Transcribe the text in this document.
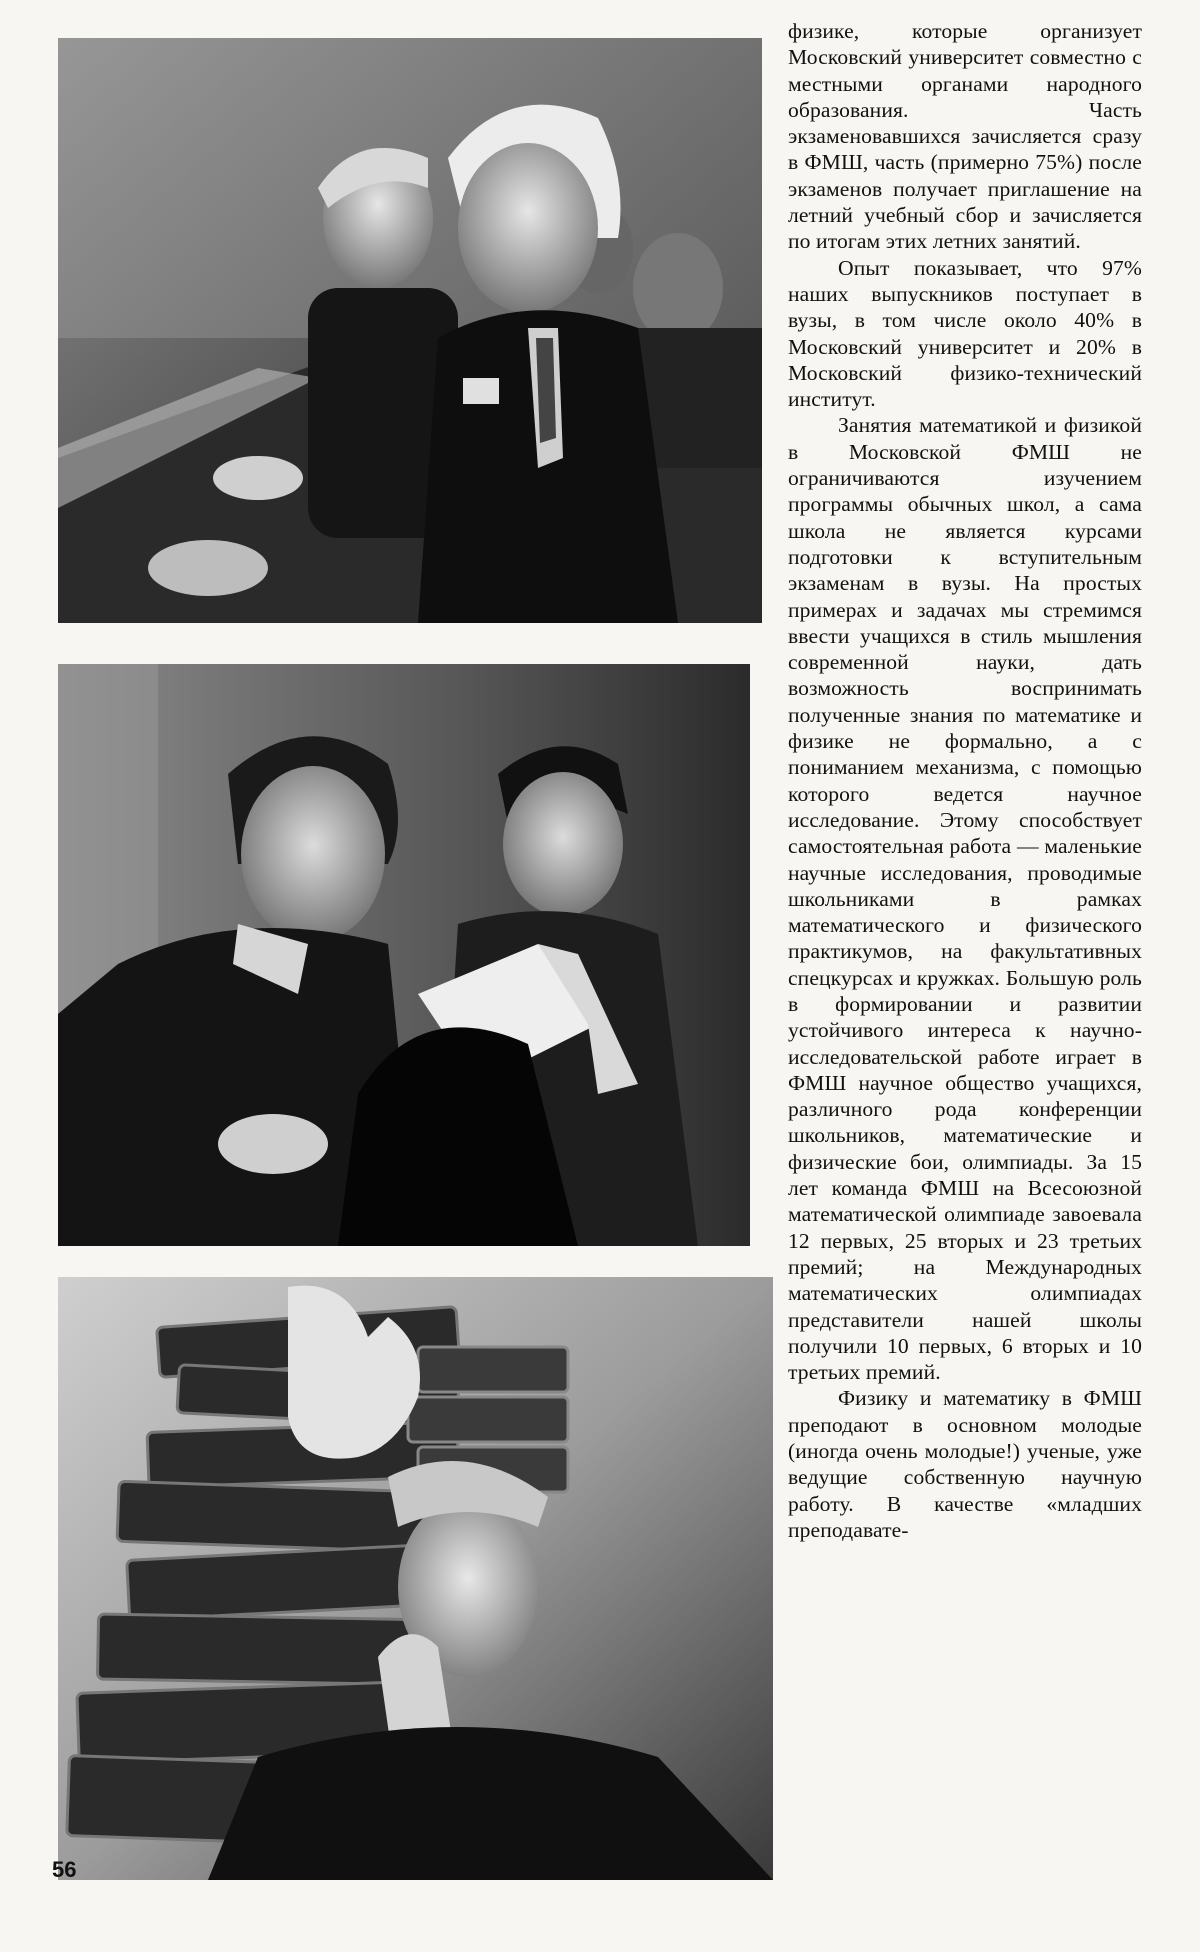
физике, которые организует Московский университет совместно с местными органами народного образования. Часть экзаменовавшихся зачисляется сразу в ФМШ, часть (примерно 75%) после экзаменов получает приглашение на летний учебный сбор и зачисляется по итогам этих летних занятий.

Опыт показывает, что 97% наших выпускников поступает в вузы, в том числе около 40% в Московский университет и 20% в Московский физико-технический институт.

Занятия математикой и физикой в Московской ФМШ не ограничиваются изучением программы обычных школ, а сама школа не является курсами подготовки к вступительным экзаменам в вузы. На простых примерах и задачах мы стремимся ввести учащихся в стиль мышления современной науки, дать возможность воспринимать полученные знания по математике и физике не формально, а с пониманием механизма, с помощью которого ведется научное исследование. Этому способствует самостоятельная работа — маленькие научные исследования, проводимые школьниками в рамках математического и физического практикумов, на факультативных спецкурсах и кружках. Большую роль в формировании и развитии устойчивого интереса к научно-исследовательской работе играет в ФМШ научное общество учащихся, различного рода конференции школьников, математические и физические бои, олимпиады. За 15 лет команда ФМШ на Всесоюзной математической олимпиаде завоевала 12 первых, 25 вторых и 23 третьих премий; на Международных математических олимпиадах представители нашей школы получили 10 первых, 6 вторых и 10 третьих премий.

Физику и математику в ФМШ преподают в основном молодые (иногда очень молодые!) ученые, уже ведущие собственную научную работу. В качестве «младших преподавате-

56
